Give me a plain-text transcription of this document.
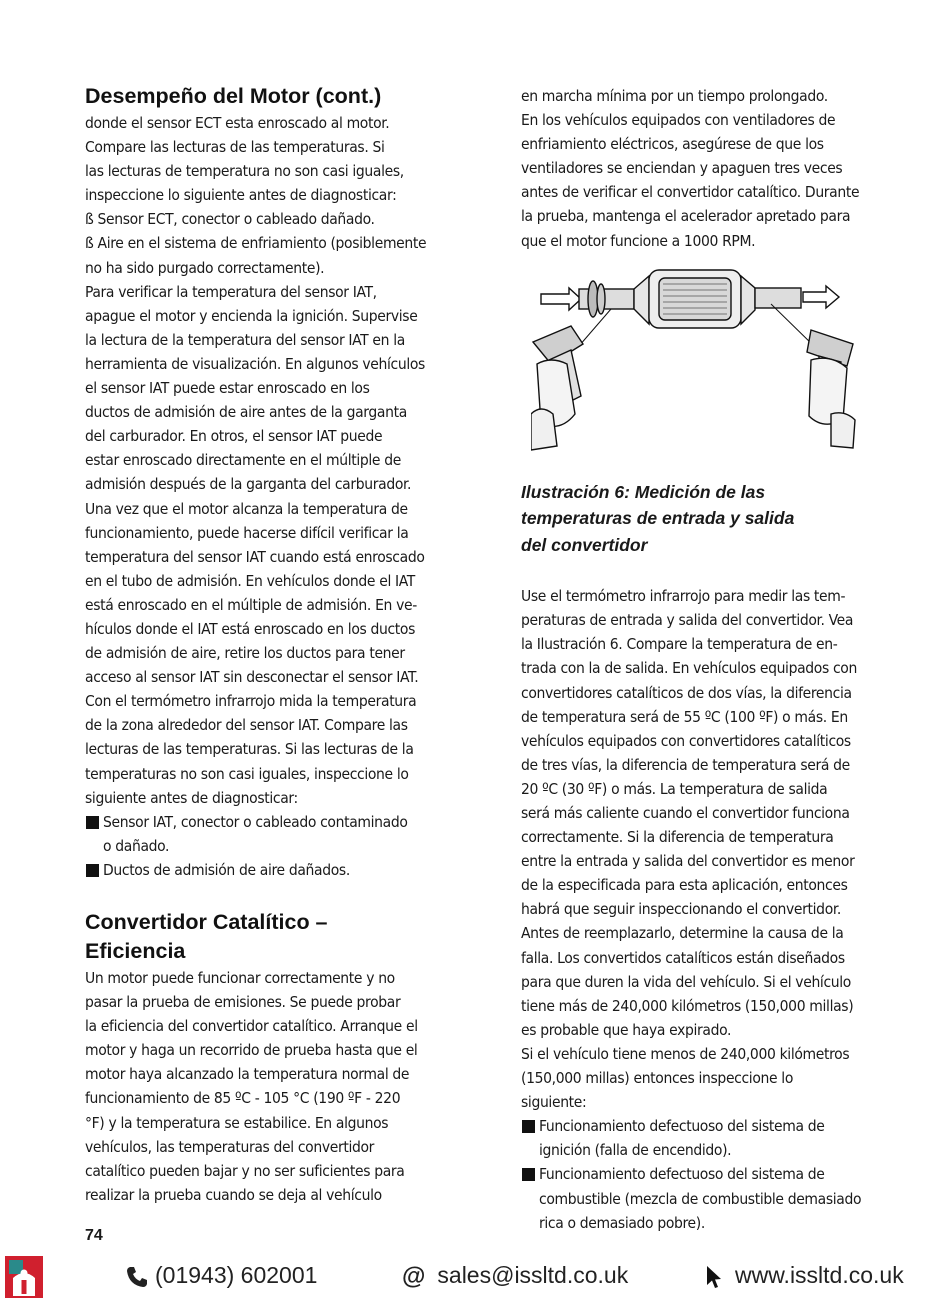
Desempeño del Motor (cont.)
donde el sensor ECT esta enroscado al motor.
Compare las lecturas de las temperaturas. Si
las lecturas de temperatura no son casi iguales,
inspeccione lo siguiente antes de diagnosticar:
ß Sensor ECT, conector o cableado dañado.
ß Aire en el sistema de enfriamiento (posiblemente
no ha sido purgado correctamente).
Para verificar la temperatura del sensor IAT,
apague el motor y encienda la ignición. Supervise
la lectura de la temperatura del sensor IAT en la
herramienta de visualización. En algunos vehículos
el sensor IAT puede estar enroscado en los
ductos de admisión de aire antes de la garganta
del carburador. En otros, el sensor IAT puede
estar enroscado directamente en el múltiple de
admisión después de la garganta del carburador.
Una vez que el motor alcanza la temperatura de
funcionamiento, puede hacerse difícil verificar la
temperatura del sensor IAT cuando está enroscado
en el tubo de admisión. En vehículos donde el IAT
está enroscado en el múltiple de admisión. En ve-
hículos donde el IAT está enroscado en los ductos
de admisión de aire, retire los ductos para tener
acceso al sensor IAT sin desconectar el sensor IAT.
Con el termómetro infrarrojo mida la temperatura
de la zona alrededor del sensor IAT. Compare las
lecturas de las temperaturas. Si las lecturas de la
temperaturas no son casi iguales, inspeccione lo
siguiente antes de diagnosticar:
Sensor IAT, conector o cableado contaminado
o dañado.
Ductos de admisión de aire dañados.
Convertidor Catalítico –
Eficiencia
Un motor puede funcionar correctamente y no
pasar la prueba de emisiones. Se puede probar
la eficiencia del convertidor catalítico. Arranque el
motor y haga un recorrido de prueba hasta que el
motor haya alcanzado la temperatura normal de
funcionamiento de 85 ºC - 105 °C (190 ºF - 220
°F) y la temperatura se estabilice. En algunos
vehículos, las temperaturas del convertidor
catalítico pueden bajar y no ser suficientes para
realizar la prueba cuando se deja al vehículo
en marcha mínima por un tiempo prolongado.
En los vehículos equipados con ventiladores de
enfriamiento eléctricos, asegúrese de que los
ventiladores se enciendan y apaguen tres veces
antes de verificar el convertidor catalítico. Durante
la prueba, mantenga el acelerador apretado para
que el motor funcione a 1000 RPM.
Ilustración 6: Medición de las
temperaturas de entrada y salida
del convertidor
Use el termómetro infrarrojo para medir las tem-
peraturas de entrada y salida del convertidor. Vea
la Ilustración 6. Compare la temperatura de en-
trada con la de salida. En vehículos equipados con
convertidores catalíticos de dos vías, la diferencia
de temperatura será de 55 ºC (100 ºF) o más. En
vehículos equipados con convertidores catalíticos
de tres vías, la diferencia de temperatura será de
20 ºC (30 ºF) o más. La temperatura de salida
será más caliente cuando el convertidor funciona
correctamente. Si la diferencia de temperatura
entre la entrada y salida del convertidor es menor
de la especificada para esta aplicación, entonces
habrá que seguir inspeccionando el convertidor.
Antes de reemplazarlo, determine la causa de la
falla. Los convertidos catalíticos están diseñados
para que duren la vida del vehículo. Si el vehículo
tiene más de 240,000 kilómetros (150,000 millas)
es probable que haya expirado.
Si el vehículo tiene menos de 240,000 kilómetros
(150,000 millas) entonces inspeccione lo
siguiente:
Funcionamiento defectuoso del sistema de
ignición (falla de encendido).
Funcionamiento defectuoso del sistema de
combustible (mezcla de combustible demasiado
rica o demasiado pobre).
74
(01943) 602001	@ sales@issltd.co.uk	www.issltd.co.uk
